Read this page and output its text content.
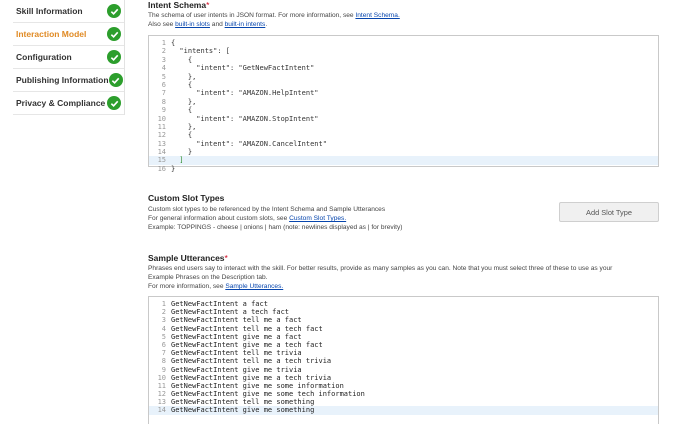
Skill Information
Interaction Model
Configuration
Publishing Information
Privacy & Compliance
Intent Schema*
The schema of user intents in JSON format. For more information, see Intent Schema.
Also see built-in slots and built-in intents.
1 {
2 "intents": [
3 {
4 "intent": "GetNewFactIntent"
5 },
6 {
7 "intent": "AMAZON.HelpIntent"
8 },
9 {
10 "intent": "AMAZON.StopIntent"
11 },
12 {
13 "intent": "AMAZON.CancelIntent"
14 }
15 ]
16 }
Custom Slot Types
Custom slot types to be referenced by the Intent Schema and Sample Utterances
For general information about custom slots, see Custom Slot Types.
Example: TOPPINGS - cheese | onions | ham (note: newlines displayed as | for brevity)
Add Slot Type
Sample Utterances*
Phrases end users say to interact with the skill. For better results, provide as many samples as you can. Note that you must select three of these to use as your
Example Phrases on the Description tab.
For more information, see Sample Utterances.
1 GetNewFactIntent a fact
2 GetNewFactIntent a tech fact
3 GetNewFactIntent tell me a fact
4 GetNewFactIntent tell me a tech fact
5 GetNewFactIntent give me a fact
6 GetNewFactIntent give me a tech fact
7 GetNewFactIntent tell me trivia
8 GetNewFactIntent tell me a tech trivia
9 GetNewFactIntent give me trivia
10 GetNewFactIntent give me a tech trivia
11 GetNewFactIntent give me some information
12 GetNewFactIntent give me some tech information
13 GetNewFactIntent tell me something
14 GetNewFactIntent give me something
